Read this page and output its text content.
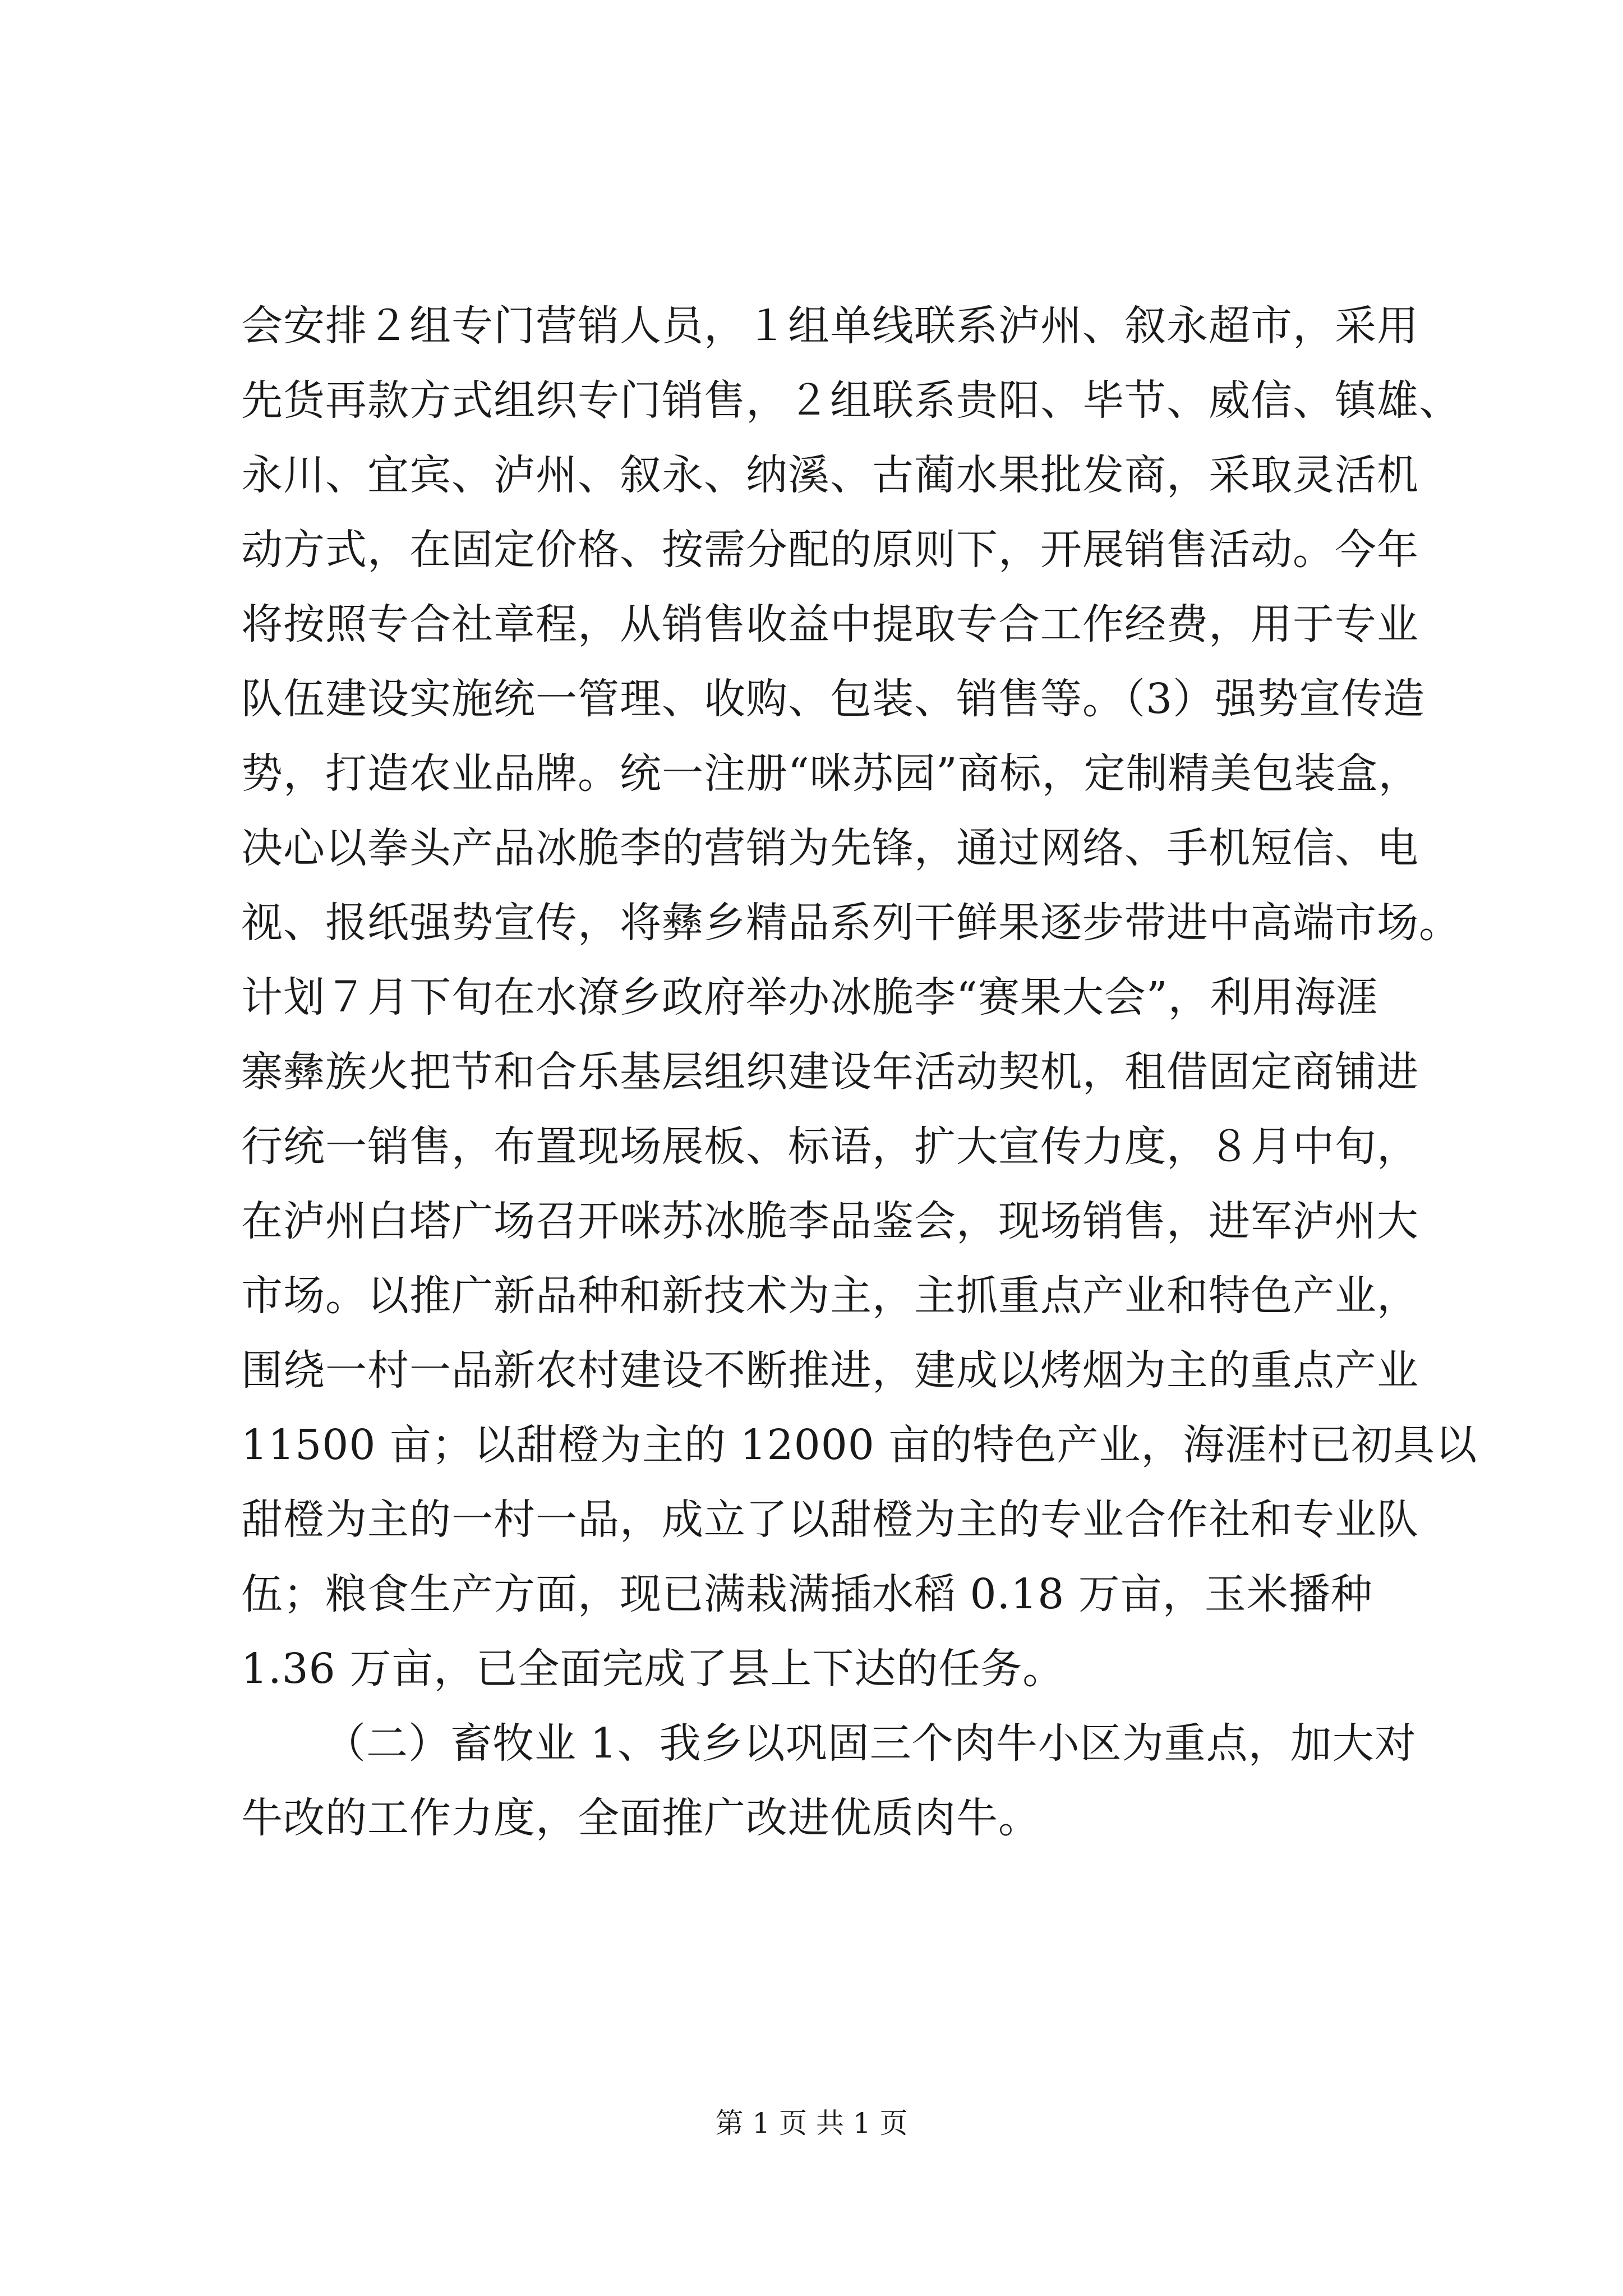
会安排２组专门营销人员，１组单线联系泸州、叙永超市，采用
先货再款方式组织专门销售，２组联系贵阳、毕节、威信、镇雄、
永川、宜宾、泸州、叙永、纳溪、古蔺水果批发商，采取灵活机
动方式，在固定价格、按需分配的原则下，开展销售活动。今年
将按照专合社章程，从销售收益中提取专合工作经费，用于专业
队伍建设实施统一管理、收购、包装、销售等。（3）强势宣传造
势，打造农业品牌。统一注册“咪苏园”商标，定制精美包装盒，
决心以拳头产品冰脆李的营销为先锋，通过网络、手机短信、电
视、报纸强势宣传，将彝乡精品系列干鲜果逐步带进中高端市场。
计划７月下旬在水潦乡政府举办冰脆李“赛果大会”，利用海涯
寨彝族火把节和合乐基层组织建设年活动契机，租借固定商铺进
行统一销售，布置现场展板、标语，扩大宣传力度，８月中旬，
在泸州白塔广场召开咪苏冰脆李品鉴会，现场销售，进军泸州大
市场。以推广新品种和新技术为主，主抓重点产业和特色产业，
围绕一村一品新农村建设不断推进，建成以烤烟为主的重点产业
11500 亩；以甜橙为主的 12000 亩的特色产业，海涯村已初具以
甜橙为主的一村一品，成立了以甜橙为主的专业合作社和专业队
伍；粮食生产方面，现已满栽满插水稻 0.18 万亩，玉米播种
1.36 万亩，已全面完成了县上下达的任务。
（二）畜牧业 1、我乡以巩固三个肉牛小区为重点，加大对
牛改的工作力度，全面推广改进优质肉牛。
第 1 页 共 1 页
